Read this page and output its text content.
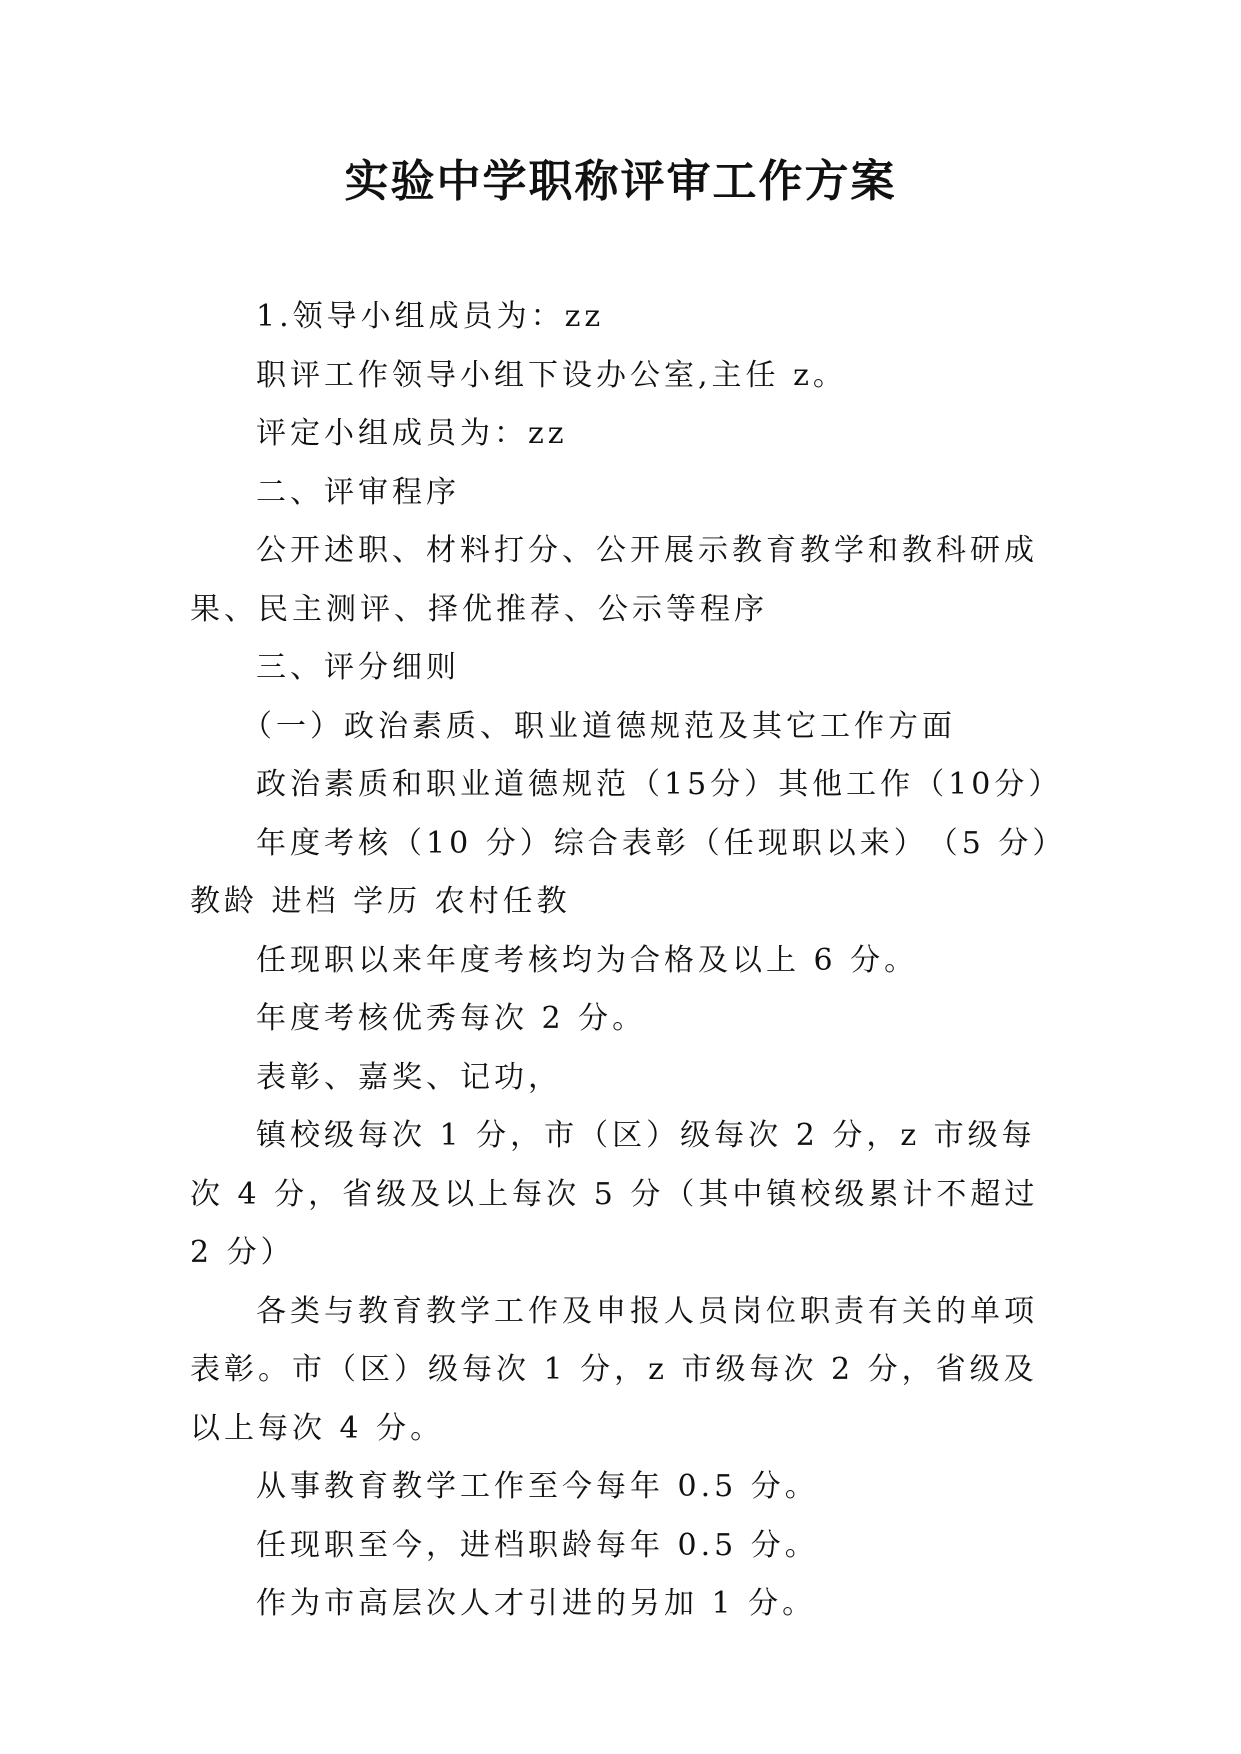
实验中学职称评审工作方案

1.领导小组成员为：zz

职评工作领导小组下设办公室,主任 z。

评定小组成员为：zz

二、评审程序

公开述职、材料打分、公开展示教育教学和教科研成果、民主测评、择优推荐、公示等程序

三、评分细则

（一）政治素质、职业道德规范及其它工作方面

政治素质和职业道德规范 （15分） 其他工作 （10分）
年度考核 （10 分） 综合表彰（任现职以来） （5 分）

教龄 进档 学历 农村任教

任现职以来年度考核均为合格及以上 6 分。

年度考核优秀每次 2 分。

表彰、嘉奖、记功，

镇校级每次 1 分，市（区）级每次 2 分，z 市级每次 4 分，省级及以上每次 5 分（其中镇校级累计不超过 2 分）

各类与教育教学工作及申报人员岗位职责有关的单项表彰。市（区）级每次 1 分，z 市级每次 2 分，省级及以上每次 4 分。

从事教育教学工作至今每年 0.5 分。

任现职至今，进档职龄每年 0.5 分。

作为市高层次人才引进的另加 1 分。
